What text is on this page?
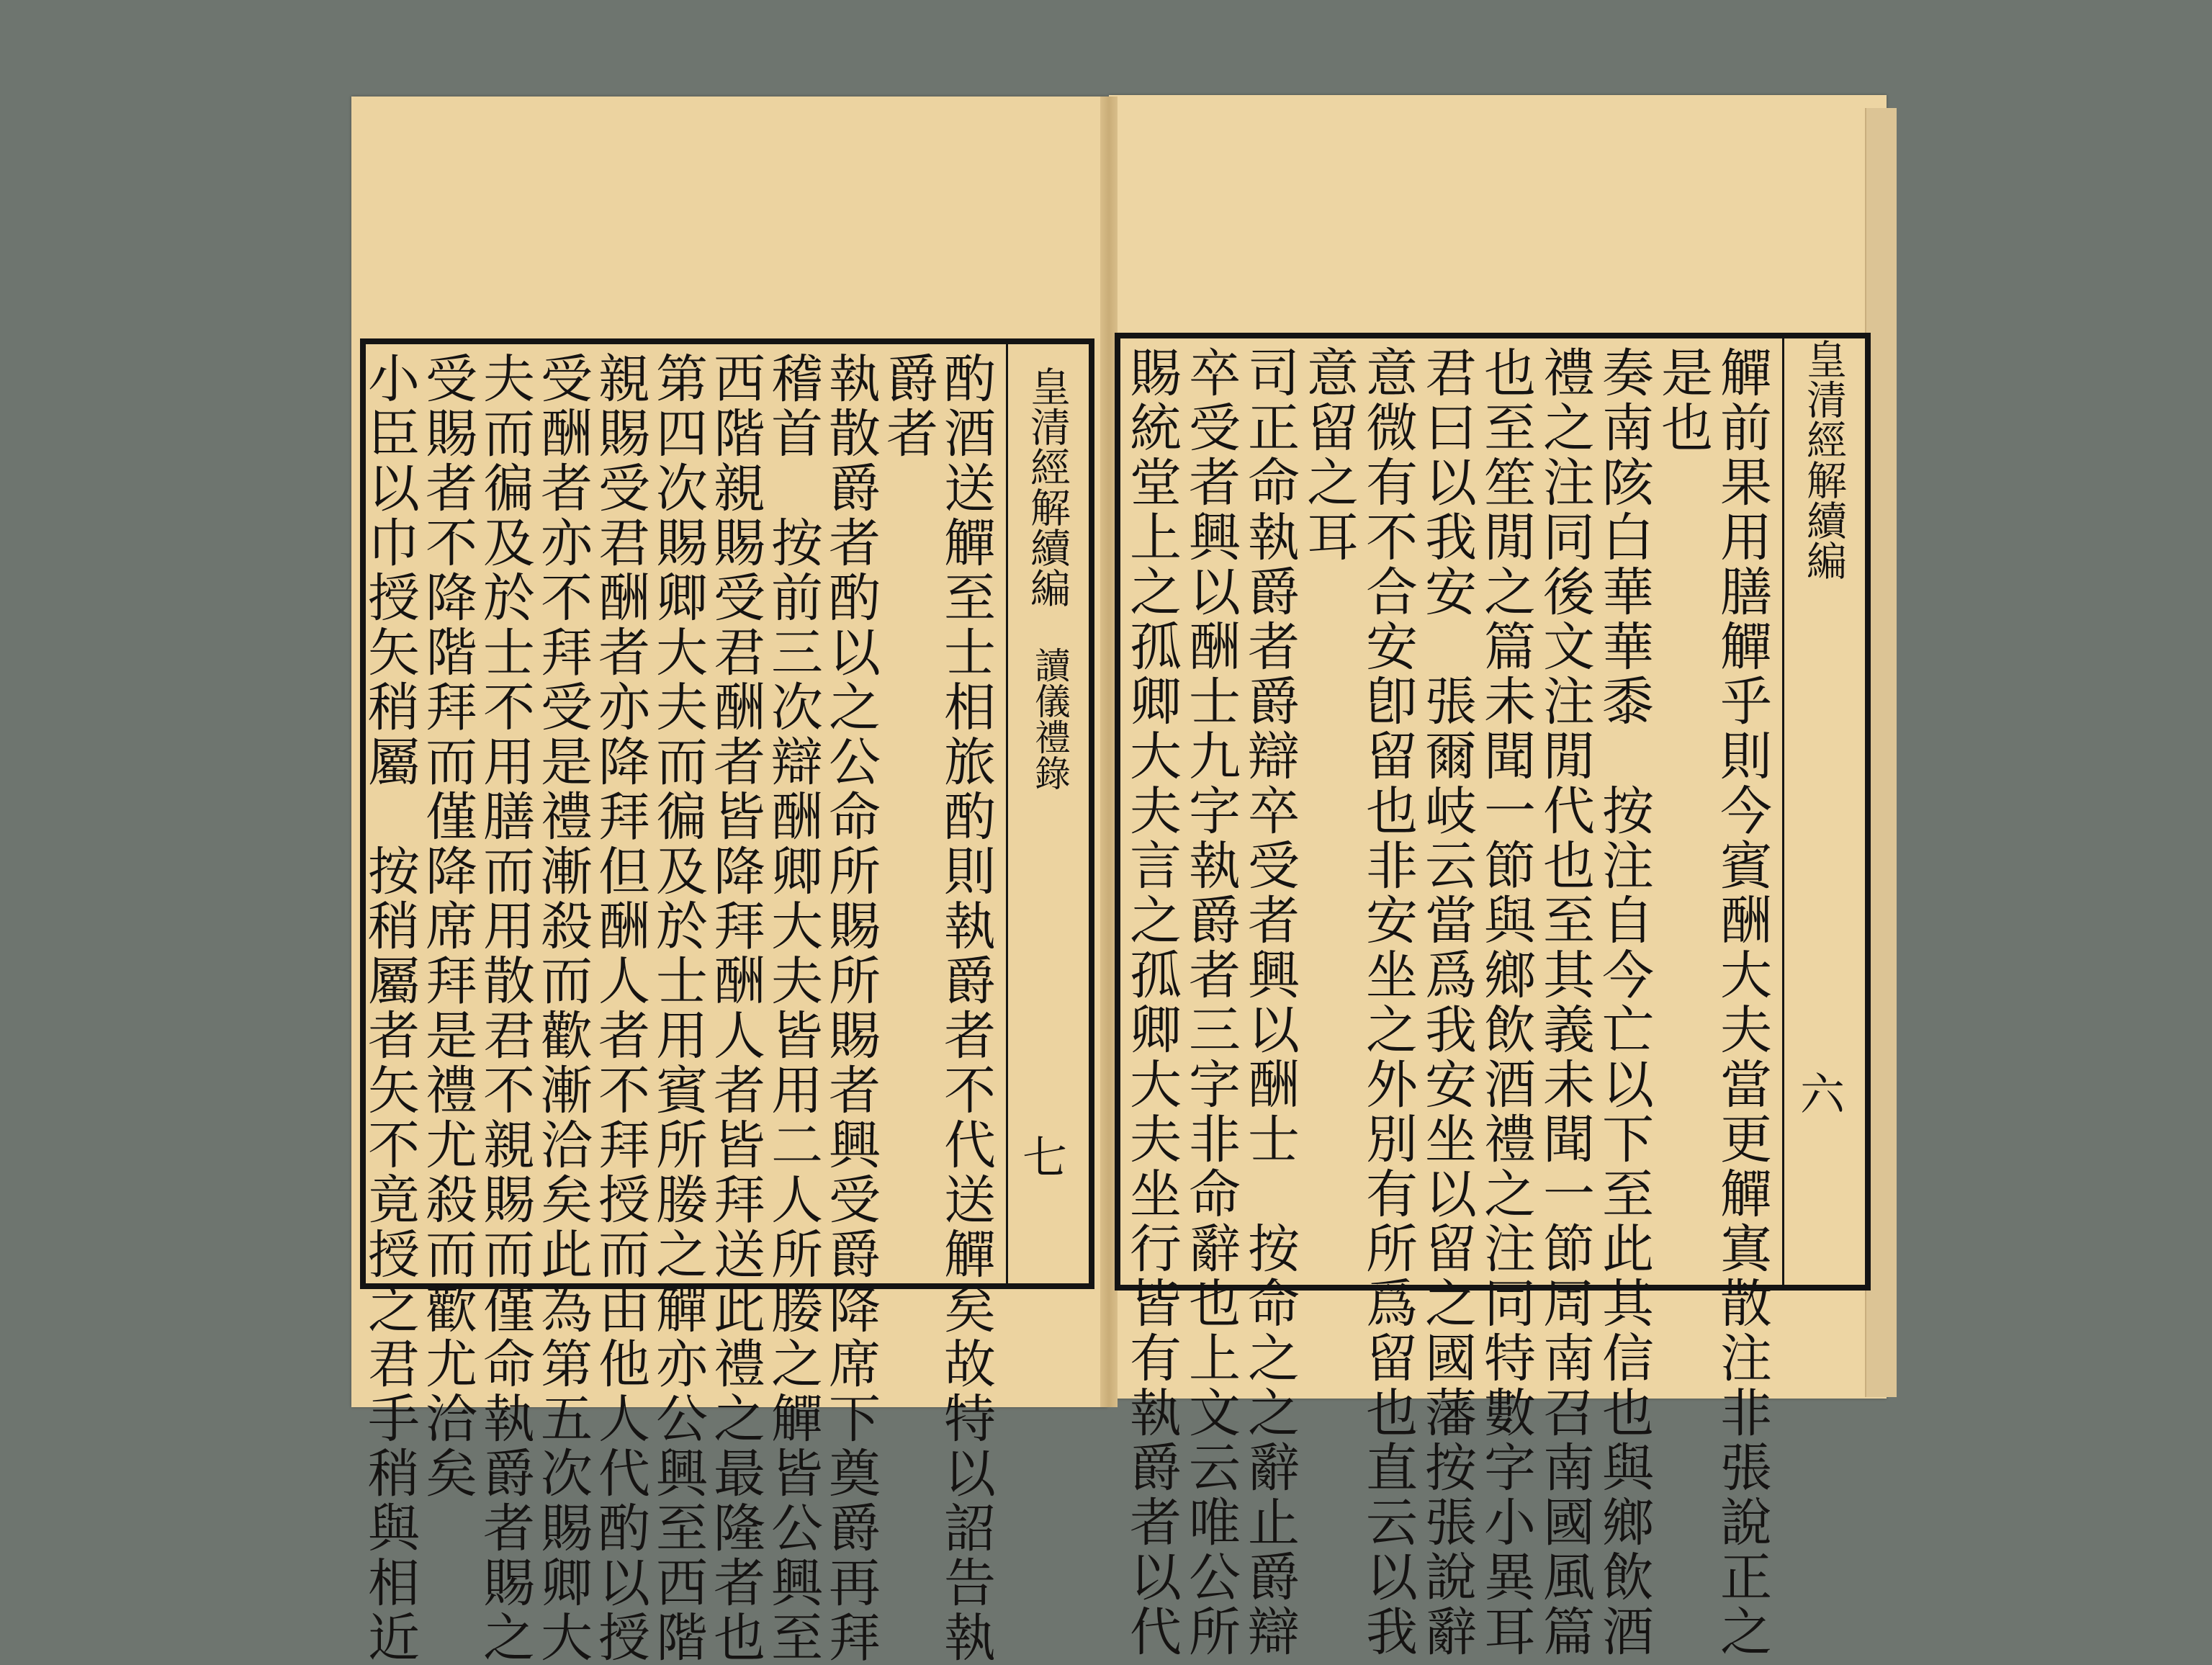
皇清經解續編
讀儀禮錄
七
酌酒送觶至士相旅酌則執爵者不代送觶矣故特以詔告執
爵者
執散爵者酌以之公命所賜所賜者興受爵降席下奠爵再拜
稽首　按前三次辯酬卿大夫皆用二人所媵之觶皆公興至
西階親賜受君酬者皆降拜酬人者皆拜送此禮之最隆者也
第四次賜卿大夫而徧及於士用賓所媵之觶亦公興至西階
親賜受君酬者亦降拜但酬人者不拜授而由他人代酌以授
受酬者亦不拜受是禮漸殺而歡漸洽矣此為第五次賜卿大
夫而徧及於士不用膳而用散君不親賜而僅命執爵者賜之
受賜者不降階拜而僅降席拜是禮尤殺而歡尤洽矣
小臣以巾授矢稍屬　按稍屬者矢不竟授之君手稍與相近	皇清經解續編
六
觶前果用膳觶乎則今賓酬大夫當更觶寘散注非張說正之
是也
奏南陔白華華黍　按注自今亡以下至此其信也與鄉飲酒
禮之注同後文注閒代也至其義未聞一節周南召南國風篇
也至笙閒之篇未聞一節與鄉飲酒禮之注同特數字小異耳
君曰以我安　張爾岐云當爲我安坐以留之國藩按張說辭
意微有不合安卽留也非安坐之外別有所爲留也直云以我
意留之耳
司正命執爵者爵辯卒受者興以酬士　按命之之辭止爵辯
卒受者興以酬士九字執爵者三字非命辭也上文云唯公所
賜統堂上之孤卿大夫言之孤卿大夫坐行皆有執爵者以代
